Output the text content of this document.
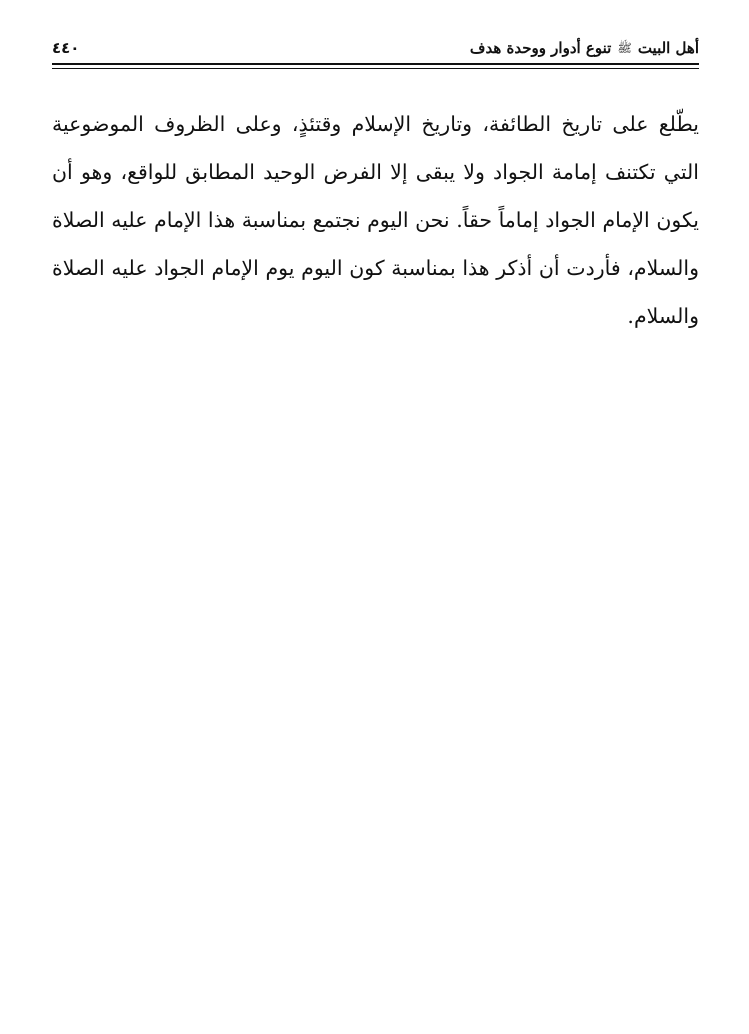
أهل البيت
ﷺ
تنوع أدوار ووحدة هدف
٤٤٠

يطّلع على تاريخ الطائفة، وتاريخ الإسلام وقتئذٍ، وعلى الظروف الموضوعية التي تكتنف إمامة الجواد ولا يبقى إلا الفرض الوحيد المطابق للواقع، وهو أن يكون الإمام الجواد إماماً حقاً. نحن اليوم نجتمع بمناسبة هذا الإمام عليه الصلاة والسلام، فأردت أن أذكر هذا بمناسبة كون اليوم يوم الإمام الجواد عليه الصلاة والسلام.
